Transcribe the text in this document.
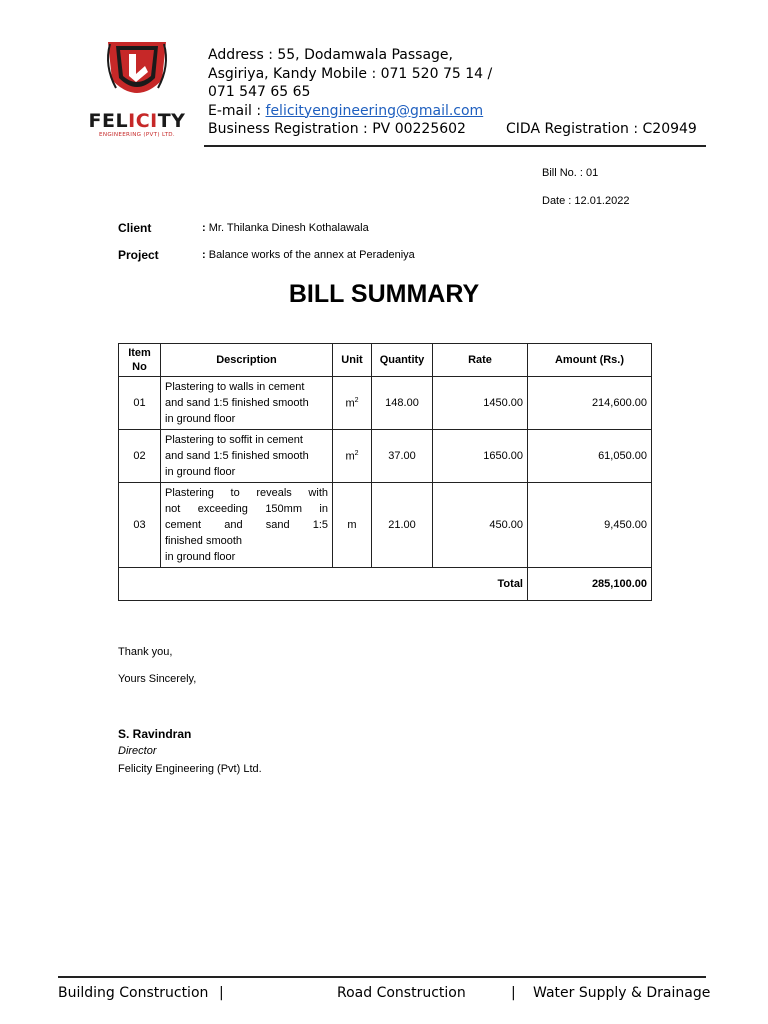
FELICITY
ENGINEERING (PVT) LTD.
Address : 55, Dodamwala Passage,
Asgiriya, Kandy Mobile : 071 520 75 14 /
071 547 65 65
E-mail : felicityengineering@gmail.com
Business Registration : PV 00225602	CIDA Registration : C20949
Bill No. : 01
Date : 12.01.2022
Client	: Mr. Thilanka Dinesh Kothalawala
Project	: Balance works of the annex at Peradeniya
BILL SUMMARY
Item
No	Description	Unit	Quantity	Rate	Amount (Rs.)
01	Plastering to walls in cement
and sand 1:5 finished smooth
in ground floor	$m^2$	148.00	1450.00	214,600.00
02	Plastering to soffit in cement
and sand 1:5 finished smooth
in ground floor	$m^2$	37.00	1650.00	61,050.00
03	Plastering to reveals with
not exceeding 150mm in
cement and sand 1:5
finished smooth
in ground floor	m	21.00	450.00	9,450.00
Total					285,100.00
Thank you,
Yours Sincerely,
S. Ravindran
Director
Felicity Engineering (Pvt) Ltd.
Building Construction |	Road Construction	| Water Supply & Drainage
